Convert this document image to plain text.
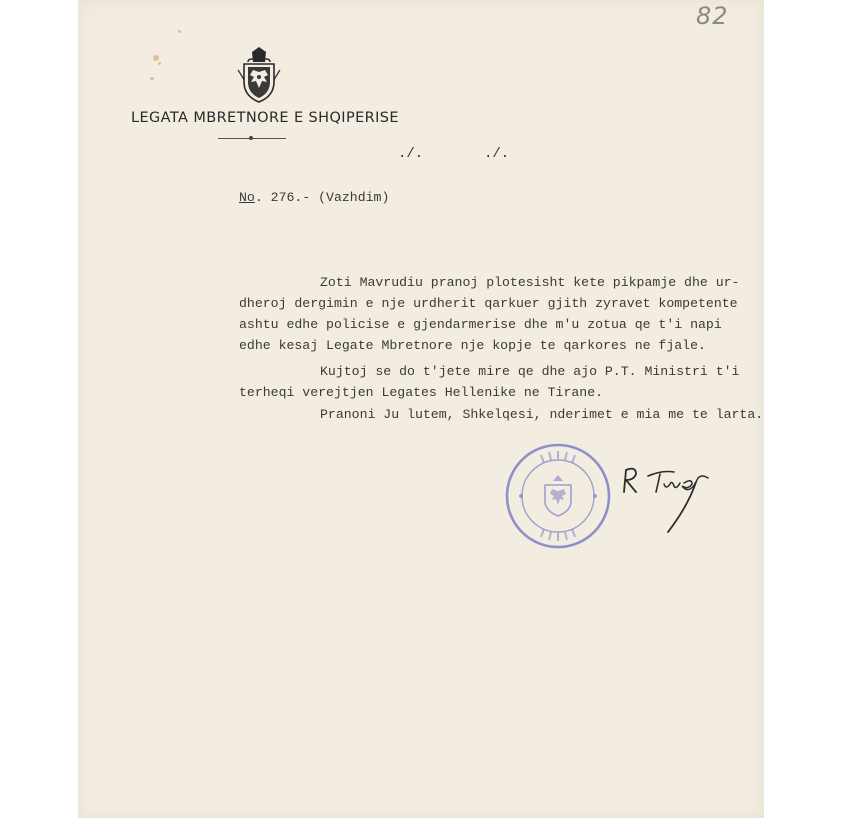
82
LEGATA MBRETNORE E SHQIPERISE
./.	./.
No. 276.- (Vazhdim)
Zoti Mavrudiu pranoj plotesisht kete pikpamje dhe ur-
dheroj dergimin e nje urdherit qarkuer gjith zyravet kompetente
ashtu edhe policise e gjendarmerise dhe m'u zotua qe t'i napi
edhe kesaj Legate Mbretnore nje kopje te qarkores ne fjale.
Kujtoj se do t'jete mire qe dhe ajo P.T. Ministri t'i
terheqi verejtjen Legates Hellenike ne Tirane.
Pranoni Ju lutem, Shkelqesi, nderimet e mia me te larta.
